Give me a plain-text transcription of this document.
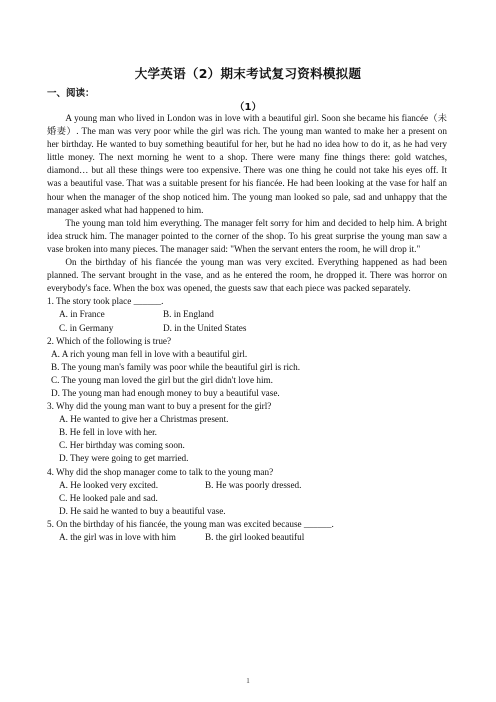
大学英语（2）期末考试复习资料模拟题
一、阅读：
（1）

A young man who lived in London was in love with a beautiful girl. Soon she became his fiancée（未婚妻）. The man was very poor while the girl was rich. The young man wanted to make her a present on her birthday. He wanted to buy something beautiful for her, but he had no idea how to do it, as he had very little money. The next morning he went to a shop. There were many fine things there: gold watches, diamond… but all these things were too expensive. There was one thing he could not take his eyes off. It was a beautiful vase. That was a suitable present for his fiancée. He had been looking at the vase for half an hour when the manager of the shop noticed him. The young man looked so pale, sad and unhappy that the manager asked what had happened to him.

The young man told him everything. The manager felt sorry for him and decided to help him. A bright idea struck him. The manager pointed to the corner of the shop. To his great surprise the young man saw a vase broken into many pieces. The manager said: "When the servant enters the room, he will drop it."

On the birthday of his fiancée the young man was very excited. Everything happened as had been planned. The servant brought in the vase, and as he entered the room, he dropped it. There was horror on everybody's face. When the box was opened, the guests saw that each piece was packed separately.

1. The story took place ______.

A. in France	B. in England

C. in Germany	D. in the United States

2. Which of the following is true?

A. A rich young man fell in love with a beautiful girl.

B. The young man's family was poor while the beautiful girl is rich.

C. The young man loved the girl but the girl didn't love him.

D. The young man had enough money to buy a beautiful vase.

3. Why did the young man want to buy a present for the girl?

A. He wanted to give her a Christmas present.

B. He fell in love with her.

C. Her birthday was coming soon.

D. They were going to get married.

4. Why did the shop manager come to talk to the young man?

A. He looked very excited.	B. He was poorly dressed.

C. He looked pale and sad.

D. He said he wanted to buy a beautiful vase.

5. On the birthday of his fiancée, the young man was excited because ______.

A. the girl was in love with him	B. the girl looked beautiful

1
